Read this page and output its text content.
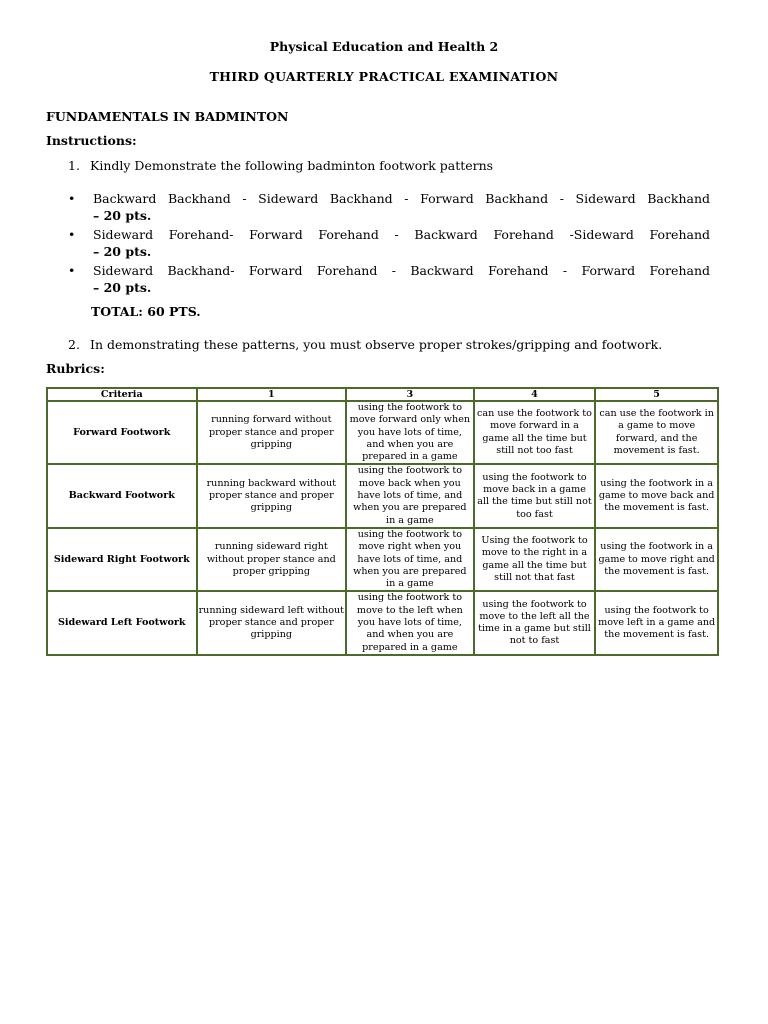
Physical Education and Health 2
THIRD QUARTERLY PRACTICAL EXAMINATION
FUNDAMENTALS IN BADMINTON
Instructions:
1. Kindly Demonstrate the following badminton footwork patterns
• Backward Backhand - Sideward Backhand - Forward Backhand - Sideward Backhand
– 20 pts.
• Sideward Forehand- Forward Forehand - Backward Forehand -Sideward Forehand
– 20 pts.
• Sideward Backhand- Forward Forehand - Backward Forehand - Forward Forehand
– 20 pts.
TOTAL: 60 PTS.
2. In demonstrating these patterns, you must observe proper strokes/gripping and footwork.
Rubrics:
Criteria	1	3	4	5
Forward Footwork	running forward without proper stance and proper gripping	using the footwork to move forward only when you have lots of time, and when you are prepared in a game	can use the footwork to move forward in a game all the time but still not too fast	can use the footwork in a game to move forward, and the movement is fast.
Backward Footwork	running backward without proper stance and proper gripping	using the footwork to move back when you have lots of time, and when you are prepared in a game	using the footwork to move back in a game all the time but still not too fast	using the footwork in a game to move back and the movement is fast.
Sideward Right Footwork	running sideward right without proper stance and proper gripping	using the footwork to move right when you have lots of time, and when you are prepared in a game	Using the footwork to move to the right in a game all the time but still not that fast	using the footwork in a game to move right and the movement is fast.
Sideward Left Footwork	running sideward left without proper stance and proper gripping	using the footwork to move to the left when you have lots of time, and when you are prepared in a game	using the footwork to move to the left all the time in a game but still not to fast	using the footwork to move left in a game and the movement is fast.
